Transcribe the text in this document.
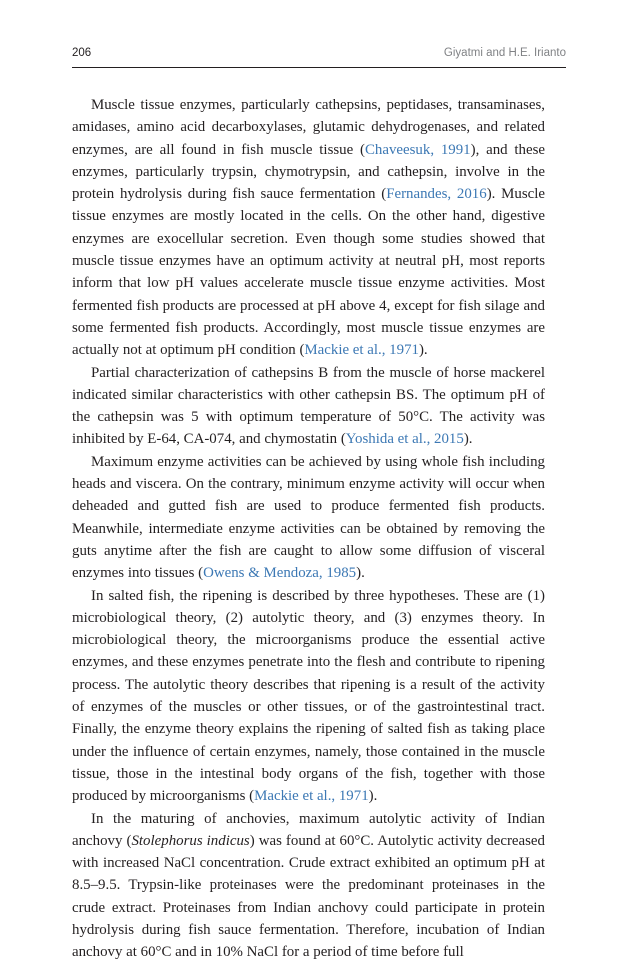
206	Giyatmi and H.E. Irianto

Muscle tissue enzymes, particularly cathepsins, peptidases, transaminases, amidases, amino acid decarboxylases, glutamic dehydrogenases, and related enzymes, are all found in fish muscle tissue (Chaveesuk, 1991), and these enzymes, particularly trypsin, chymotrypsin, and cathepsin, involve in the protein hydrolysis during fish sauce fermentation (Fernandes, 2016). Muscle tissue enzymes are mostly located in the cells. On the other hand, digestive enzymes are exocellular secretion. Even though some studies showed that muscle tissue enzymes have an optimum activity at neutral pH, most reports inform that low pH values accelerate muscle tissue enzyme activities. Most fermented fish products are processed at pH above 4, except for fish silage and some fermented fish products. Accordingly, most muscle tissue enzymes are actually not at optimum pH condition (Mackie et al., 1971).

Partial characterization of cathepsins B from the muscle of horse mackerel indicated similar characteristics with other cathepsin BS. The optimum pH of the cathepsin was 5 with optimum temperature of 50°C. The activity was inhibited by E-64, CA-074, and chymostatin (Yoshida et al., 2015).

Maximum enzyme activities can be achieved by using whole fish including heads and viscera. On the contrary, minimum enzyme activity will occur when deheaded and gutted fish are used to produce fermented fish products. Meanwhile, intermediate enzyme activities can be obtained by removing the guts anytime after the fish are caught to allow some diffusion of visceral enzymes into tissues (Owens & Mendoza, 1985).

In salted fish, the ripening is described by three hypotheses. These are (1) microbiological theory, (2) autolytic theory, and (3) enzymes theory. In microbiological theory, the microorganisms produce the essential active enzymes, and these enzymes penetrate into the flesh and contribute to ripening process. The autolytic theory describes that ripening is a result of the activity of enzymes of the muscles or other tissues, or of the gastrointestinal tract. Finally, the enzyme theory explains the ripening of salted fish as taking place under the influence of certain enzymes, namely, those contained in the muscle tissue, those in the intestinal body organs of the fish, together with those produced by microorganisms (Mackie et al., 1971).

In the maturing of anchovies, maximum autolytic activity of Indian anchovy (Stolephorus indicus) was found at 60°C. Autolytic activity decreased with increased NaCl concentration. Crude extract exhibited an optimum pH at 8.5–9.5. Trypsin-like proteinases were the predominant proteinases in the crude extract. Proteinases from Indian anchovy could participate in protein hydrolysis during fish sauce fermentation. Therefore, incubation of Indian anchovy at 60°C and in 10% NaCl for a period of time before full
